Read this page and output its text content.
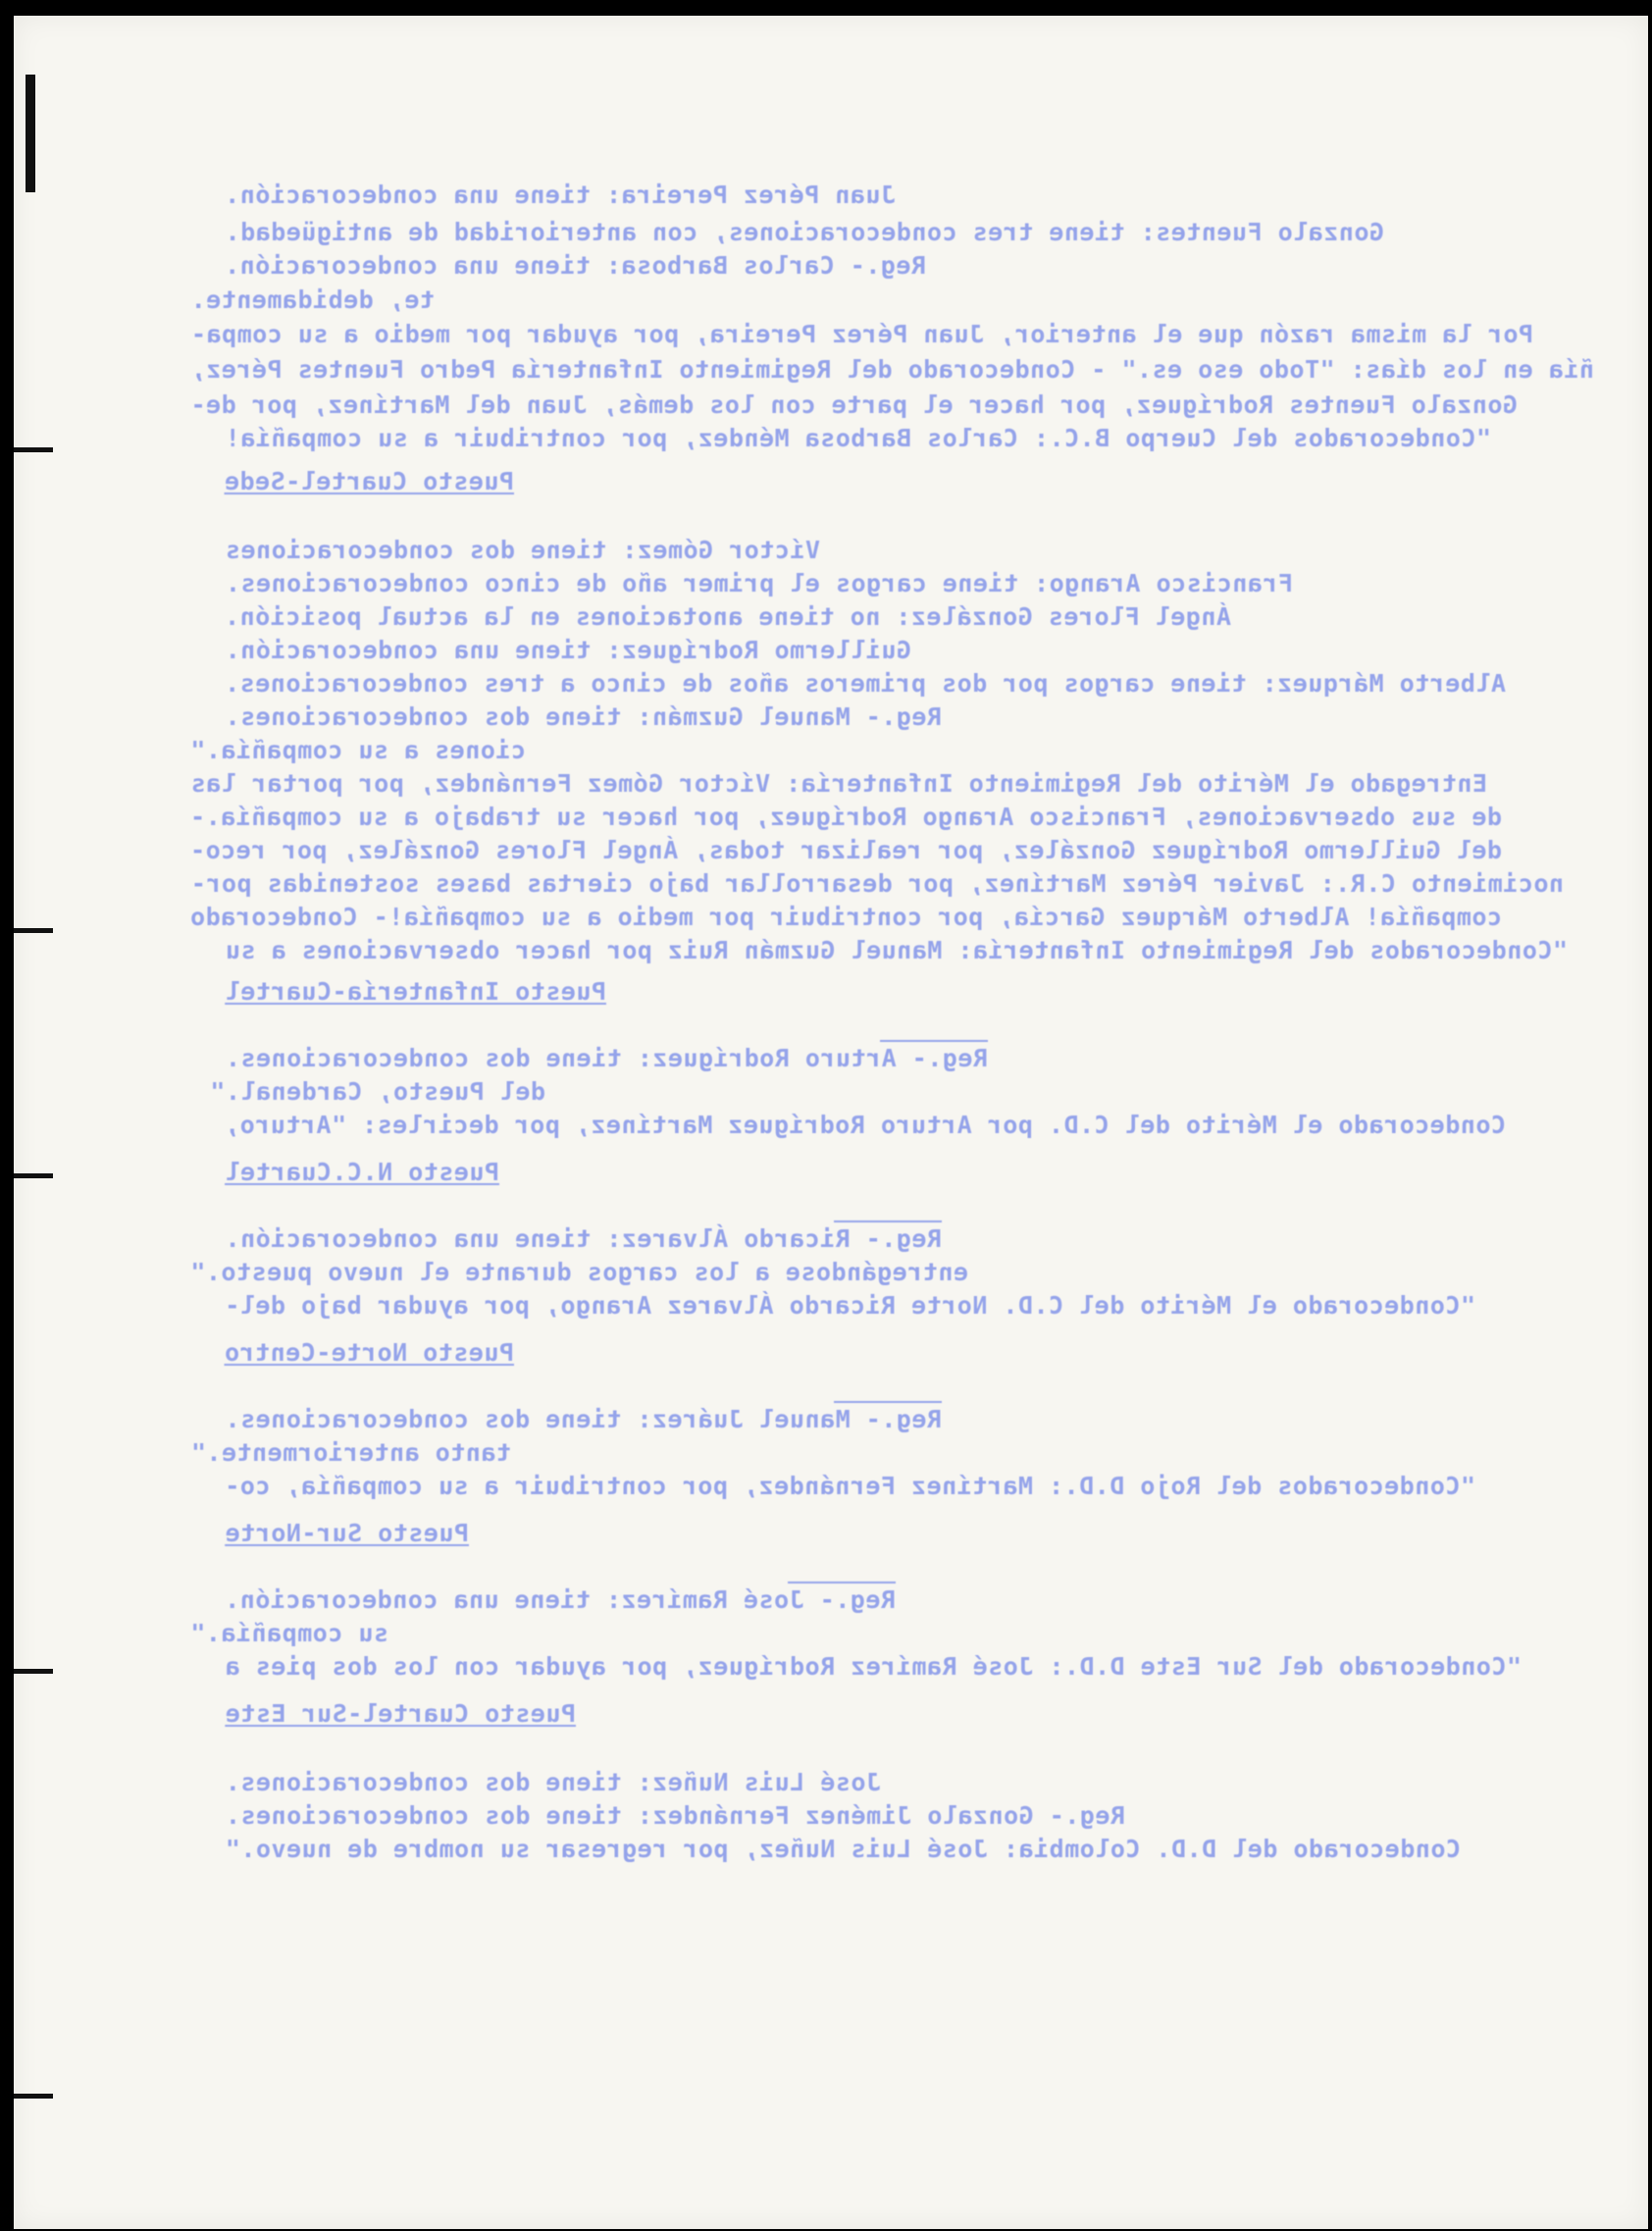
Juan Pérez Pereira: tiene una condecoración.
Gonzalo Fuentes: tiene tres condecoraciones, con anterioridad de antigüedad.
Reg.- Carlos Barbosa: tiene una condecoración.
te, debidamente.
Por la misma razón que el anterior, Juan Pérez Pereira, por ayudar por medio a su compa-
ñía en los días: "Todo eso es." - Condecorado del Regimiento Infantería Pedro Fuentes Pérez,
Gonzalo Fuentes Rodríguez, por hacer el parte con los demás, Juan del Martínez, por de-
"Condecorados del Cuerpo B.C.: Carlos Barbosa Méndez, por contribuir a su compañía!
Puesto Cuartel-Sede
Víctor Gómez: tiene dos condecoraciones
Francisco Arango: tiene cargos el primer año de cinco condecoraciones.
Ángel Flores González: no tiene anotaciones en la actual posición.
Guillermo Rodríguez: tiene una condecoración.
Alberto Márquez: tiene cargos por dos primeros años de cinco a tres condecoraciones.
Reg.- Manuel Guzmán: tiene dos condecoraciones.
ciones a su compañía."
Entregado el Mérito del Regimiento Infantería: Víctor Gómez Fernández, por portar las
de sus observaciones, Francisco Arango Rodríguez, por hacer su trabajo a su compañía.-
del Guillermo Rodríguez González, por realizar todas, Ángel Flores González, por reco-
nocimiento C.R.: Javier Pérez Martínez, por desarrollar bajo ciertas bases sostenidas por-
compañía! Alberto Márquez García, por contribuir por medio a su compañía!- Condecorado
"Condecorados del Regimiento Infantería: Manuel Guzmán Ruiz por hacer observaciones a su
Puesto Infantería-Cuartel
Reg.- Arturo Rodríguez: tiene dos condecoraciones.
del Puesto, Cardenal."
Condecorado el Mérito del C.D. por Arturo Rodríguez Martínez, por decirles: "Arturo,
Puesto N.C.Cuartel
Reg.- Ricardo Álvarez: tiene una condecoración.
entregándose a los cargos durante el nuevo puesto."
"Condecorado el Mérito del C.D. Norte Ricardo Álvarez Arango, por ayudar bajo del-
Puesto Norte-Centro
Reg.- Manuel Juárez: tiene dos condecoraciones.
tanto anteriormente."
"Condecorados del Rojo D.D.: Martínez Fernández, por contribuir a su compañía, co-
Puesto Sur-Norte
Reg.- José Ramírez: tiene una condecoración.
su compañía."
"Condecorado del Sur Este D.D.: José Ramírez Rodríguez, por ayudar con los dos pies a
Puesto Cuartel-Sur Este
José Luis Nuñez: tiene dos condecoraciones.
Reg.- Gonzalo Jiménez Fernández: tiene dos condecoraciones.
Condecorado del D.D. Colombia: José Luis Nuñez, por regresar su nombre de nuevo."
